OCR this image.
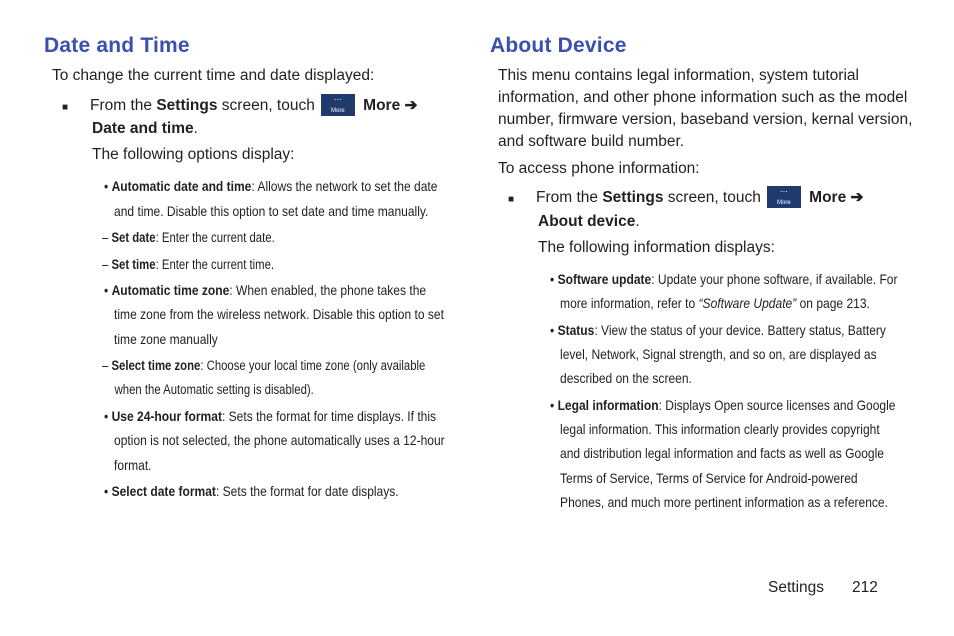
Date and Time

To change the current time and date displayed:

■ From the Settings screen, touch	⋯
More	More ➔

Date and time.

The following options display:

• Automatic date and time: Allows the network to set the date

and time. Disable this option to set date and time manually.

– Set date: Enter the current date.

– Set time: Enter the current time.

• Automatic time zone: When enabled, the phone takes the

time zone from the wireless network. Disable this option to set

time zone manually

– Select time zone: Choose your local time zone (only available

when the Automatic setting is disabled).

• Use 24-hour format: Sets the format for time displays. If this

option is not selected, the phone automatically uses a 12-hour

format.

• Select date format: Sets the format for date displays.

About Device

This menu contains legal information, system tutorial

information, and other phone information such as the model

number, firmware version, baseband version, kernal version,

and software build number.

To access phone information:

■ From the Settings screen, touch	⋯
More	More ➔

About device.

The following information displays:

• Software update: Update your phone software, if available. For

more information, refer to “Software Update” on page 213.

• Status: View the status of your device. Battery status, Battery

level, Network, Signal strength, and so on, are displayed as

described on the screen.

• Legal information: Displays Open source licenses and Google

legal information. This information clearly provides copyright

and distribution legal information and facts as well as Google

Terms of Service, Terms of Service for Android-powered

Phones, and much more pertinent information as a reference.

Settings 212
